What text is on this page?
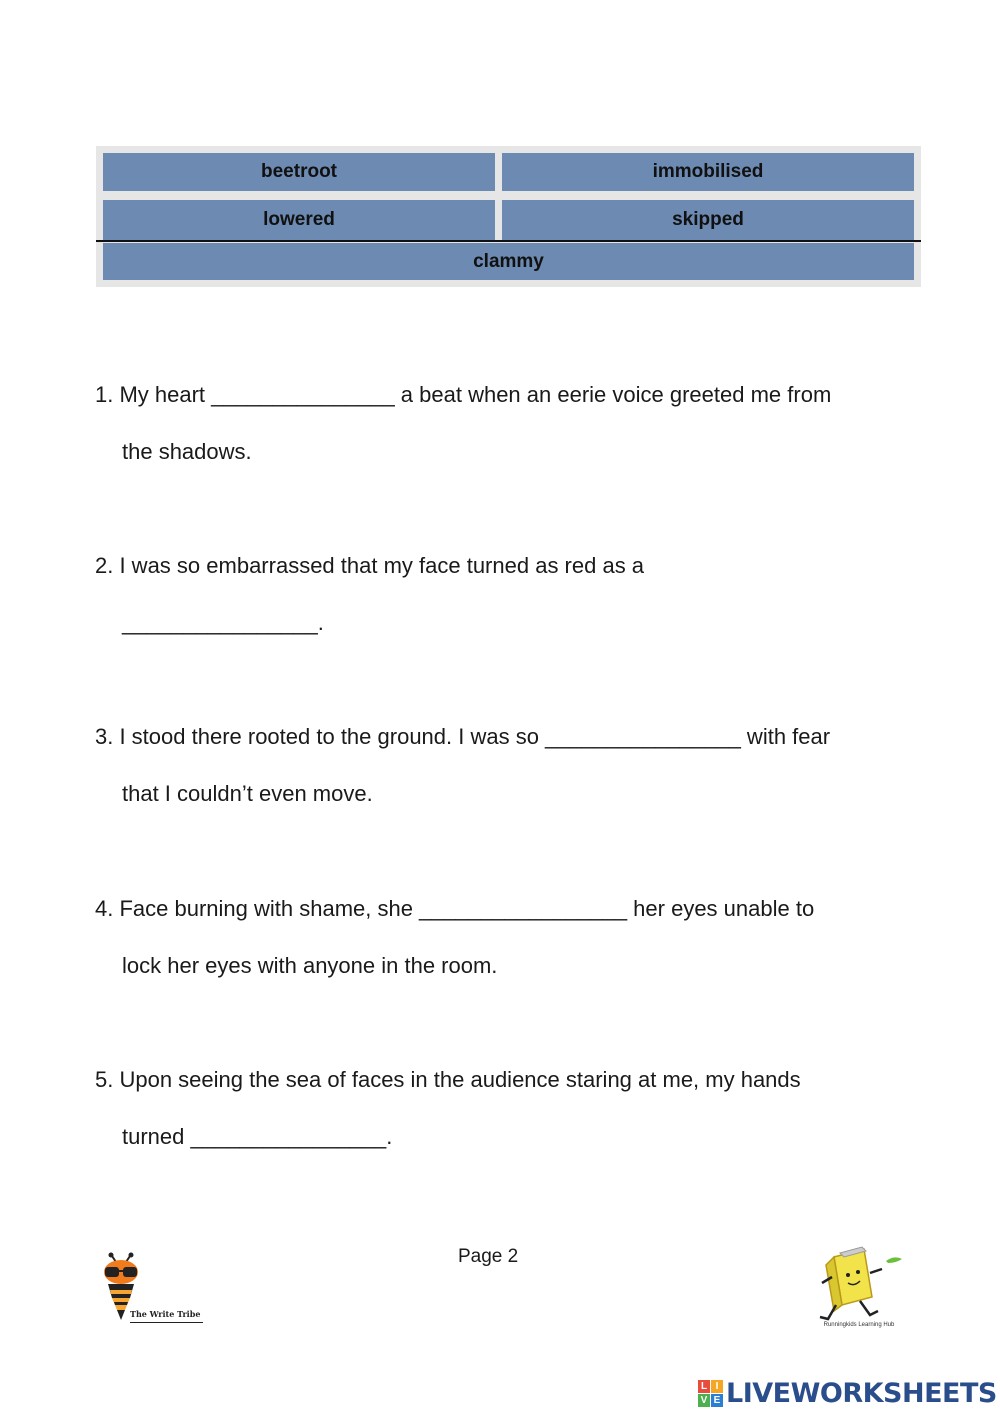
beetroot	immobilised
lowered	skipped
clammy
1. My heart _______________ a beat when an eerie voice greeted me from
the shadows.
2. I was so embarrassed that my face turned as red as a
________________.
3. I stood there rooted to the ground. I was so ________________ with fear
that I couldn’t even move.
4. Face burning with shame, she _________________ her eyes unable to
lock her eyes with anyone in the room.
5. Upon seeing the sea of faces in the audience staring at me, my hands
turned ________________.
The Write Tribe
Page 2
Runningkids Learning Hub
L I
V E LIVEWORKSHEETS
